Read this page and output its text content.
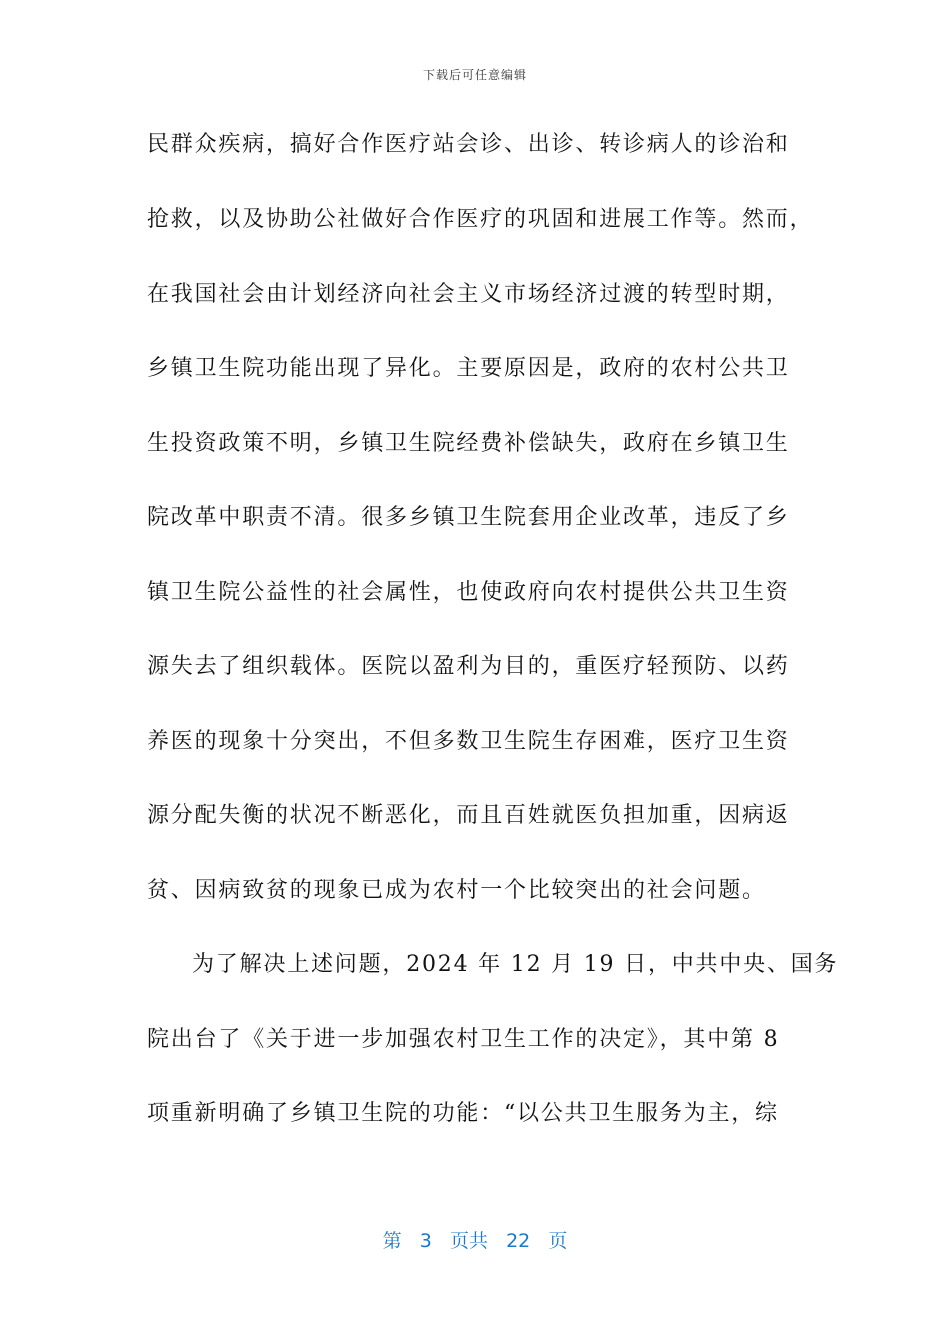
下载后可任意编辑
民群众疾病，搞好合作医疗站会诊、出诊、转诊病人的诊治和
抢救，以及协助公社做好合作医疗的巩固和进展工作等。然而，
在我国社会由计划经济向社会主义市场经济过渡的转型时期，
乡镇卫生院功能出现了异化。主要原因是，政府的农村公共卫
生投资政策不明，乡镇卫生院经费补偿缺失，政府在乡镇卫生
院改革中职责不清。很多乡镇卫生院套用企业改革，违反了乡
镇卫生院公益性的社会属性，也使政府向农村提供公共卫生资
源失去了组织载体。医院以盈利为目的，重医疗轻预防、以药
养医的现象十分突出，不但多数卫生院生存困难，医疗卫生资
源分配失衡的状况不断恶化，而且百姓就医负担加重，因病返
贫、因病致贫的现象已成为农村一个比较突出的社会问题。
为了解决上述问题，2024 年 12 月 19 日，中共中央、国务
院出台了《关于进一步加强农村卫生工作的决定》，其中第 8
项重新明确了乡镇卫生院的功能：“以公共卫生服务为主，综
第 3 页共 22 页
